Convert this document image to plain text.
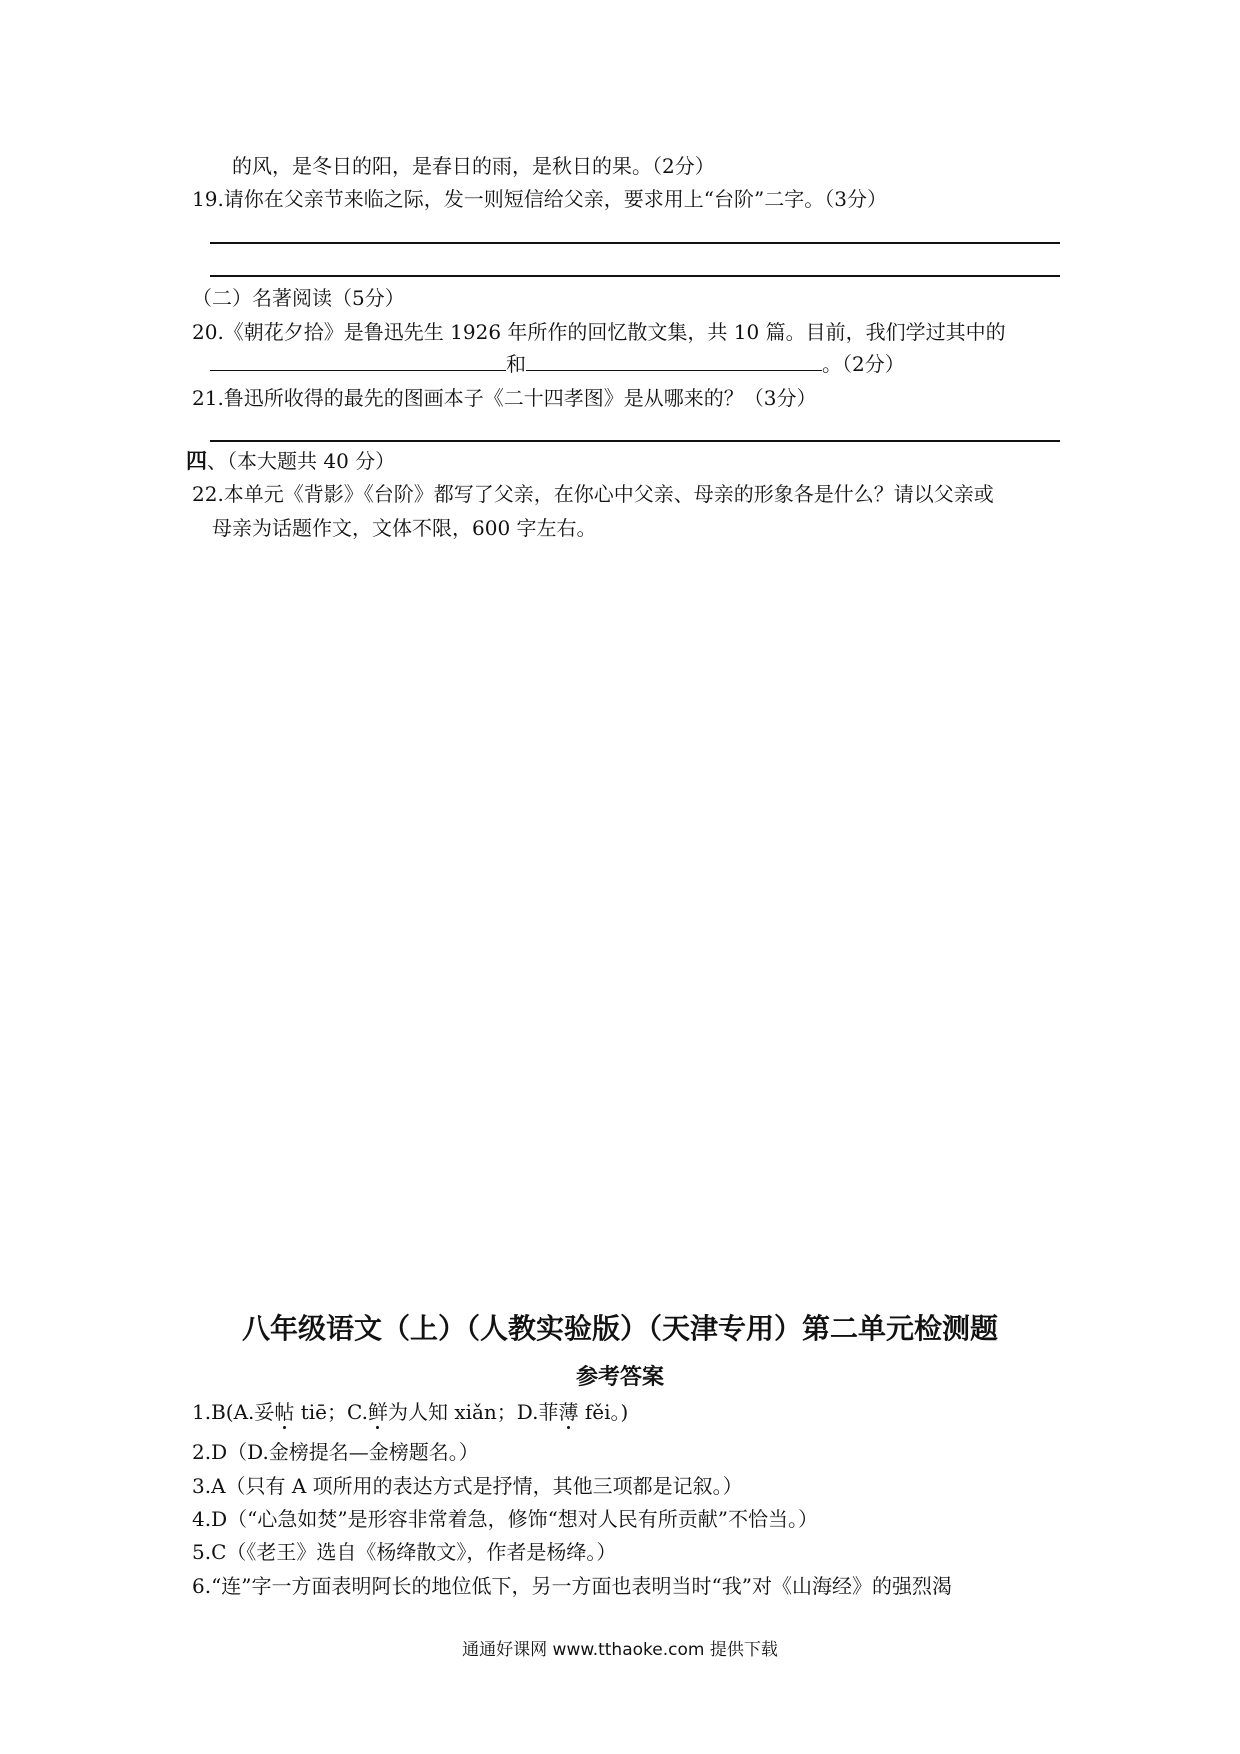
的风，是冬日的阳，是春日的雨，是秋日的果。（2分）
19.请你在父亲节来临之际，发一则短信给父亲，要求用上“台阶”二字。（3分）
（二）名著阅读（5分）
20.《朝花夕拾》是鲁迅先生 1926 年所作的回忆散文集，共 10 篇。目前，我们学过其中的
和	。（2分）
21.鲁迅所收得的最先的图画本子《二十四孝图》是从哪来的？（3分）
四、（本大题共 40 分）
22.本单元《背影》《台阶》都写了父亲，在你心中父亲、母亲的形象各是什么？请以父亲或
母亲为话题作文，文体不限，600 字左右。
八年级语文（上）（人教实验版）（天津专用）第二单元检测题
参考答案
1.B(A.妥帖 tiē；C.鲜为人知 xiǎn；D.菲薄 fěi。)
2.D（D.金榜提名—金榜题名。）
3.A（只有 A 项所用的表达方式是抒情，其他三项都是记叙。）
4.D（“心急如焚”是形容非常着急，修饰“想对人民有所贡献”不恰当。）
5.C（《老王》选自《杨绛散文》，作者是杨绛。）
6.“连”字一方面表明阿长的地位低下，另一方面也表明当时“我”对《山海经》的强烈渴
通通好课网 www.tthaoke.com 提供下载
